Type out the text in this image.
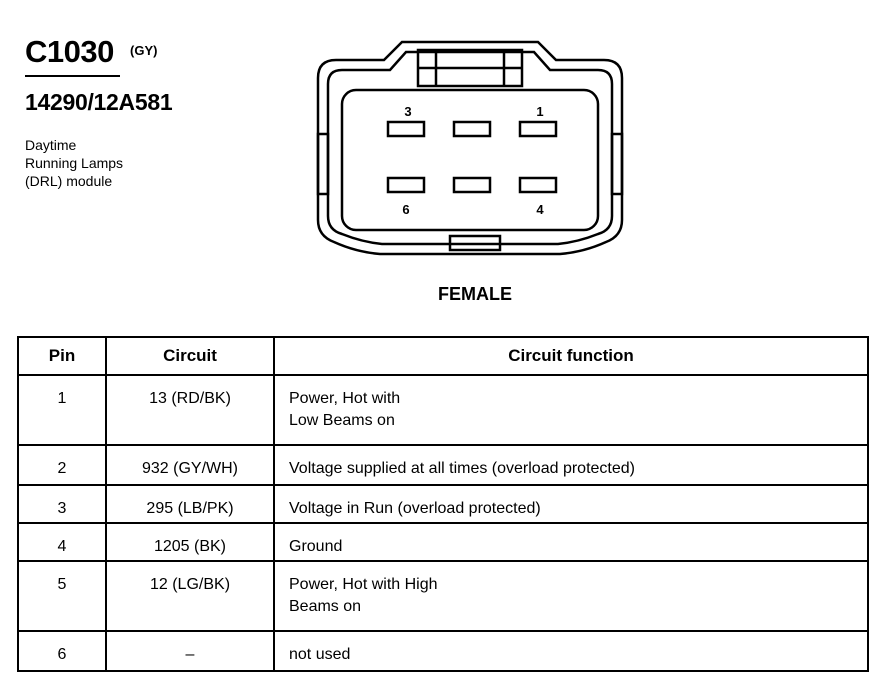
C1030 (GY)
14290/12A581
Daytime
Running Lamps
(DRL) module
3	1
6	4
FEMALE
Pin	Circuit	Circuit function
1	13 (RD/BK)	Power, Hot with
Low Beams on

2	932 (GY/WH)	Voltage supplied at all times (overload protected)

3	295 (LB/PK)	Voltage in Run (overload protected)

4	1205 (BK)	Ground

5	12 (LG/BK)	Power, Hot with High
Beams on

6	–	not used
